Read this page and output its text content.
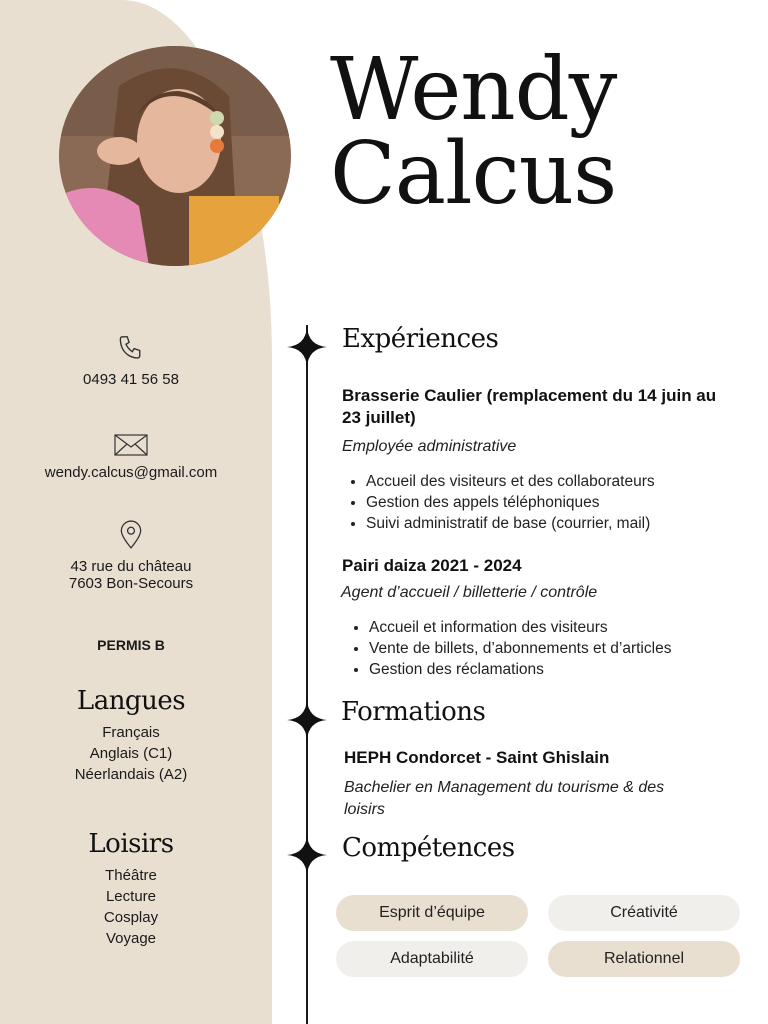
Wendy
Calcus
0493 41 56 58
wendy.calcus@gmail.com
43 rue du château
7603 Bon-Secours
PERMIS B
Langues
Français
Anglais (C1)
Néerlandais (A2)
Loisirs
Théâtre
Lecture
Cosplay
Voyage
Expériences
Brasserie Caulier (remplacement du 14 juin au 23 juillet)
Employée administrative
• Accueil des visiteurs et des collaborateurs
• Gestion des appels téléphoniques
• Suivi administratif de base (courrier, mail)
Pairi daiza 2021 - 2024
Agent d’accueil / billetterie / contrôle
• Accueil et information des visiteurs
• Vente de billets, d’abonnements et d’articles
• Gestion des réclamations
Formations
HEPH Condorcet - Saint Ghislain
Bachelier en Management du tourisme & des loisirs
Compétences
Esprit d’équipe	Créativité
Adaptabilité	Relationnel
